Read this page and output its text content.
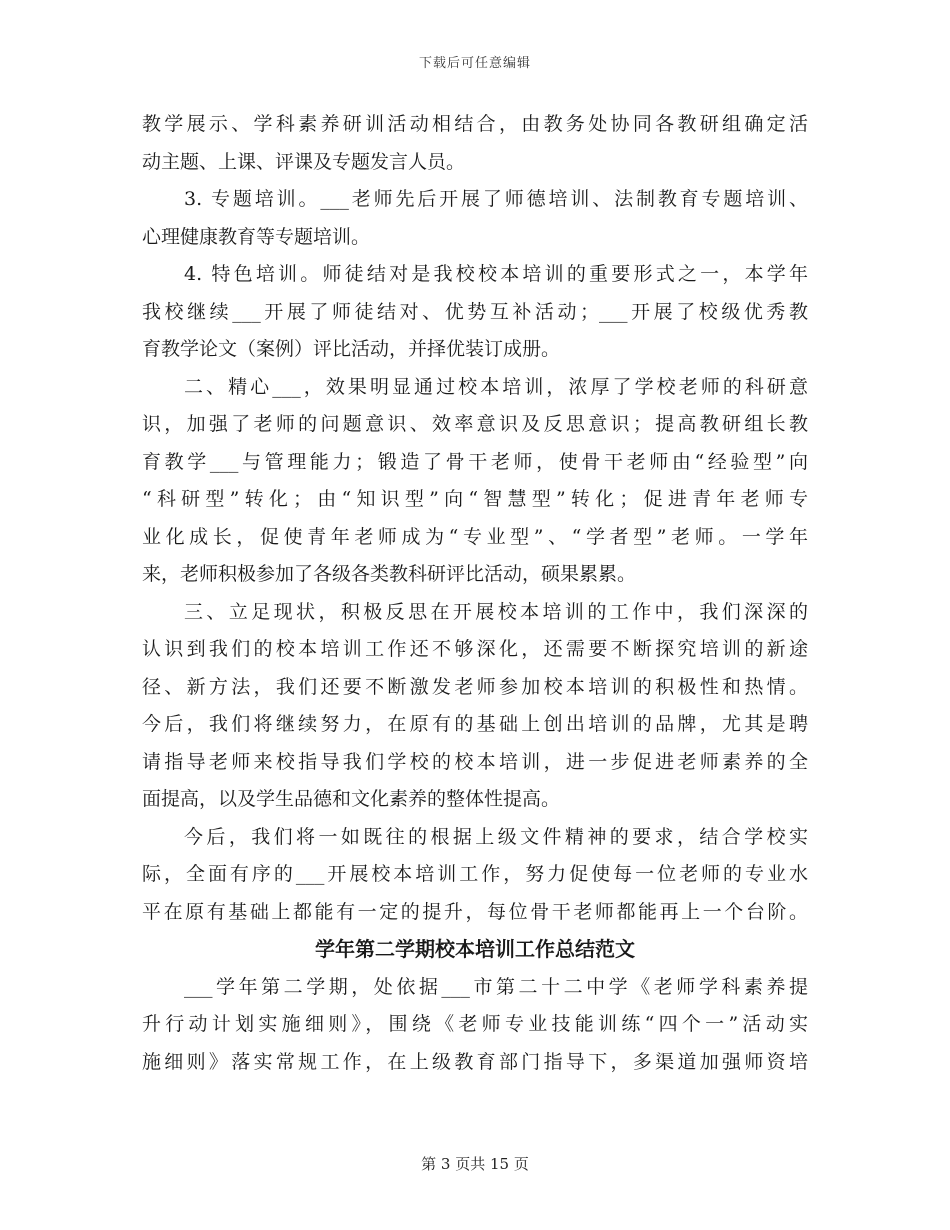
下载后可任意编辑
教学展示、学科素养研训活动相结合，由教务处协同各教研组确定活
动主题、上课、评课及专题发言人员。
3. 专题培训。___老师先后开展了师德培训、法制教育专题培训、
心理健康教育等专题培训。
4. 特色培训。师徒结对是我校校本培训的重要形式之一，本学年
我校继续___开展了师徒结对、优势互补活动；___开展了校级优秀教
育教学论文（案例）评比活动，并择优装订成册。
二、精心___，效果明显通过校本培训，浓厚了学校老师的科研意
识，加强了老师的问题意识、效率意识及反思意识；提高教研组长教
育教学___与管理能力；锻造了骨干老师，使骨干老师由“经验型”向
“科研型”转化；由“知识型”向“智慧型”转化；促进青年老师专
业化成长，促使青年老师成为“专业型”、“学者型”老师。一学年
来，老师积极参加了各级各类教科研评比活动，硕果累累。
三、立足现状，积极反思在开展校本培训的工作中，我们深深的
认识到我们的校本培训工作还不够深化，还需要不断探究培训的新途
径、新方法，我们还要不断激发老师参加校本培训的积极性和热情。
今后，我们将继续努力，在原有的基础上创出培训的品牌，尤其是聘
请指导老师来校指导我们学校的校本培训，进一步促进老师素养的全
面提高，以及学生品德和文化素养的整体性提高。
今后，我们将一如既往的根据上级文件精神的要求，结合学校实
际，全面有序的___开展校本培训工作，努力促使每一位老师的专业水
平在原有基础上都能有一定的提升，每位骨干老师都能再上一个台阶。
学年第二学期校本培训工作总结范文
___学年第二学期，处依据___市第二十二中学《老师学科素养提
升行动计划实施细则》，围绕《老师专业技能训练“四个一”活动实
施细则》落实常规工作，在上级教育部门指导下，多渠道加强师资培
第 3 页共 15 页
